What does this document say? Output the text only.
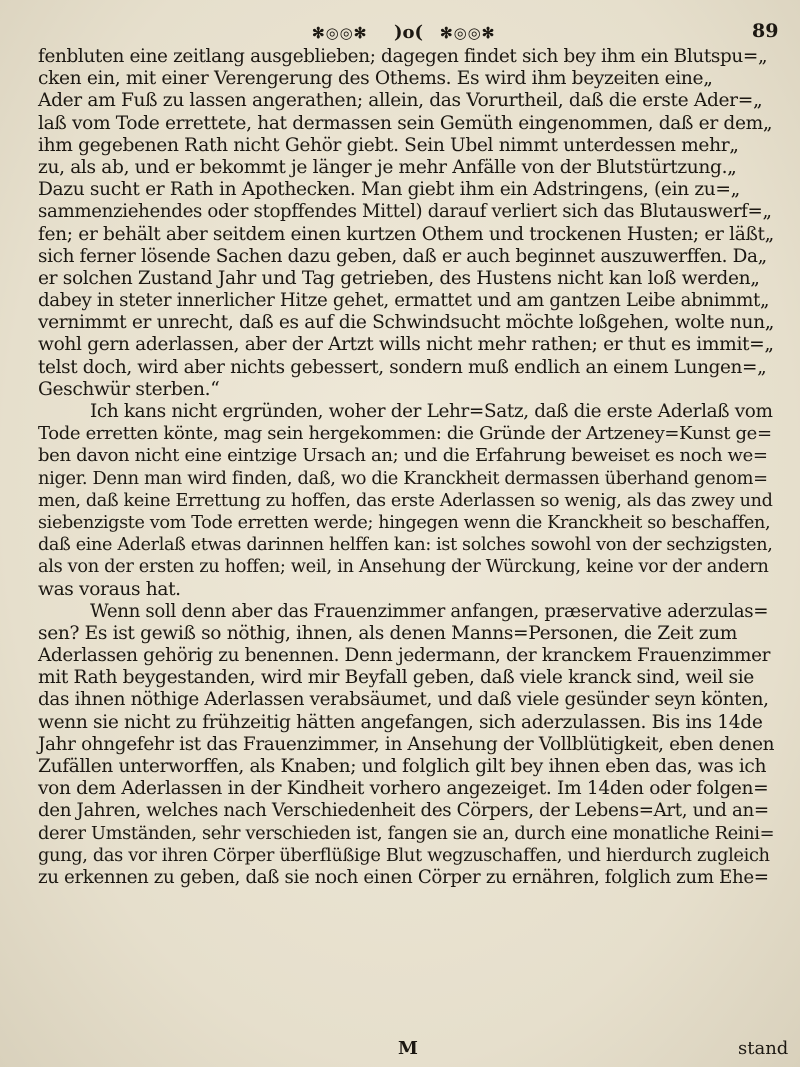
✻◎◎✻ )o( ✻◎◎✻	89
fenbluten eine zeitlang ausgeblieben; dagegen findet sich bey ihm ein Blutspu=„
cken ein, mit einer Verengerung des Othems. Es wird ihm beyzeiten eine„
Ader am Fuß zu lassen angerathen; allein, das Vorurtheil, daß die erste Ader=„
laß vom Tode errettete, hat dermassen sein Gemüth eingenommen, daß er dem„
ihm gegebenen Rath nicht Gehör giebt. Sein Ubel nimmt unterdessen mehr„
zu, als ab, und er bekommt je länger je mehr Anfälle von der Blutstürtzung.„
Dazu sucht er Rath in Apothecken. Man giebt ihm ein Adstringens, (ein zu=„
sammenziehendes oder stopffendes Mittel) darauf verliert sich das Blutauswerf=„
fen; er behält aber seitdem einen kurtzen Othem und trockenen Husten; er läßt„
sich ferner lösende Sachen dazu geben, daß er auch beginnet auszuwerffen. Da„
er solchen Zustand Jahr und Tag getrieben, des Hustens nicht kan loß werden„
dabey in steter innerlicher Hitze gehet, ermattet und am gantzen Leibe abnimmt„
vernimmt er unrecht, daß es auf die Schwindsucht möchte loßgehen, wolte nun„
wohl gern aderlassen, aber der Artzt wills nicht mehr rathen; er thut es immit=„
telst doch, wird aber nichts gebessert, sondern muß endlich an einem Lungen=„
Geschwür sterben.“
Ich kans nicht ergründen, woher der Lehr=Satz, daß die erste Aderlaß vom
Tode erretten könte, mag sein hergekommen: die Gründe der Artzeney=Kunst ge=
ben davon nicht eine eintzige Ursach an; und die Erfahrung beweiset es noch we=
niger. Denn man wird finden, daß, wo die Kranckheit dermassen überhand genom=
men, daß keine Errettung zu hoffen, das erste Aderlassen so wenig, als das zwey und
siebenzigste vom Tode erretten werde; hingegen wenn die Kranckheit so beschaffen,
daß eine Aderlaß etwas darinnen helffen kan: ist solches sowohl von der sechzigsten,
als von der ersten zu hoffen; weil, in Ansehung der Würckung, keine vor der andern
was voraus hat.
Wenn soll denn aber das Frauenzimmer anfangen, præservative aderzulas=
sen? Es ist gewiß so nöthig, ihnen, als denen Manns=Personen, die Zeit zum
Aderlassen gehörig zu benennen. Denn jedermann, der kranckem Frauenzimmer
mit Rath beygestanden, wird mir Beyfall geben, daß viele kranck sind, weil sie
das ihnen nöthige Aderlassen verabsäumet, und daß viele gesünder seyn könten,
wenn sie nicht zu frühzeitig hätten angefangen, sich aderzulassen. Bis ins 14de
Jahr ohngefehr ist das Frauenzimmer, in Ansehung der Vollblütigkeit, eben denen
Zufällen unterworffen, als Knaben; und folglich gilt bey ihnen eben das, was ich
von dem Aderlassen in der Kindheit vorhero angezeiget. Im 14den oder folgen=
den Jahren, welches nach Verschiedenheit des Cörpers, der Lebens=Art, und an=
derer Umständen, sehr verschieden ist, fangen sie an, durch eine monatliche Reini=
gung, das vor ihren Cörper überflüßige Blut wegzuschaffen, und hierdurch zugleich
zu erkennen zu geben, daß sie noch einen Cörper zu ernähren, folglich zum Ehe=
M	stand
